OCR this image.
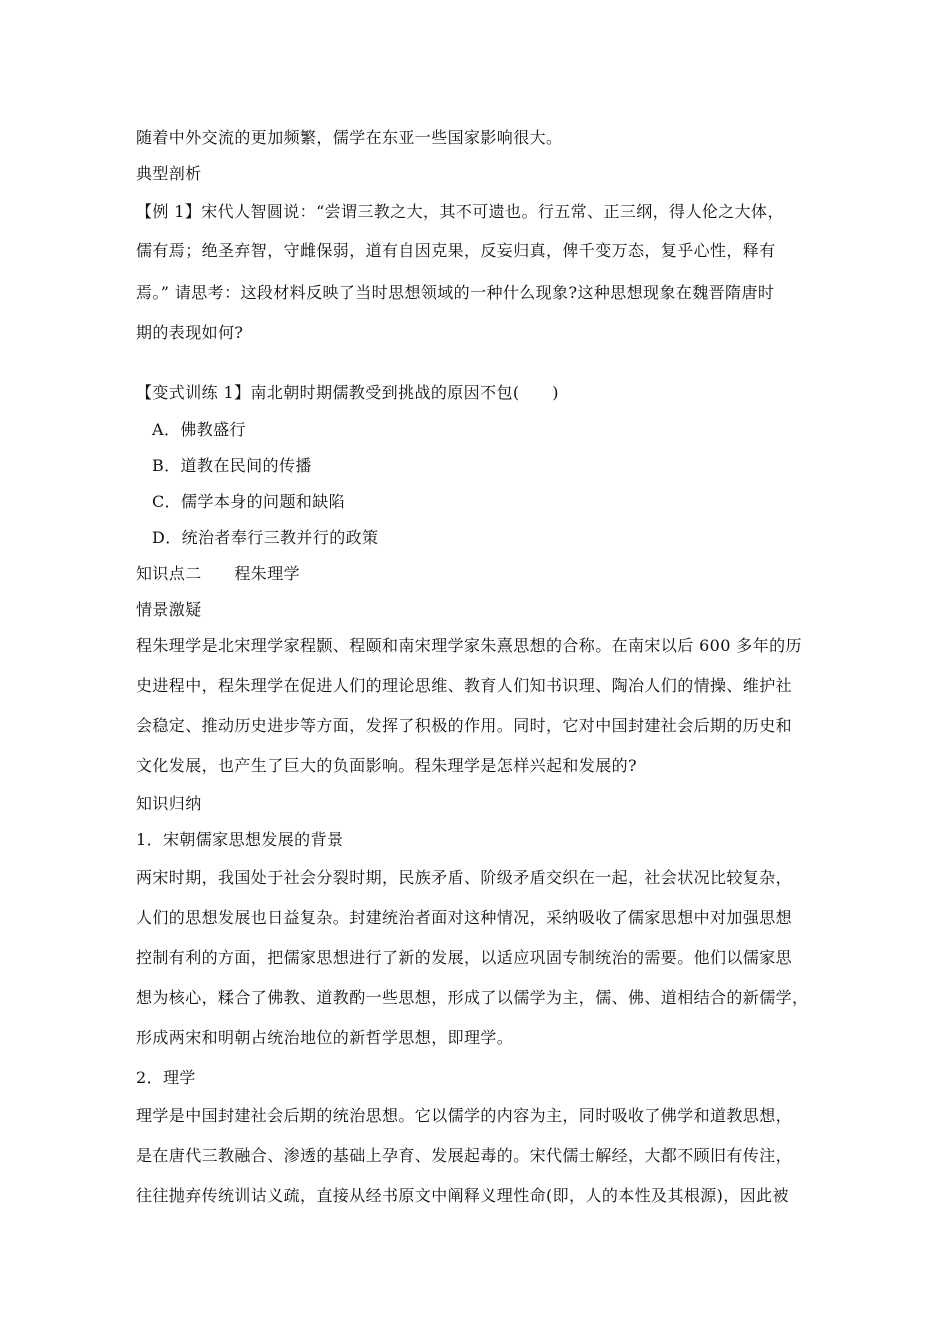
随着中外交流的更加频繁，儒学在东亚一些国家影响很大。
典型剖析
【例 1】宋代人智圆说：“尝谓三教之大，其不可遗也。行五常、正三纲，得人伦之大体，
儒有焉；绝圣弃智，守雌保弱，道有自因克果，反妄归真，俾千变万态，复乎心性，释有
焉。” 请思考：这段材料反映了当时思想领域的一种什么现象?这种思想现象在魏晋隋唐时
期的表现如何?
【变式训练 1】南北朝时期儒教受到挑战的原因不包(　　)
A．佛教盛行
B．道教在民间的传播
C．儒学本身的问题和缺陷
D．统治者奉行三教并行的政策
知识点二　　程朱理学
情景激疑
程朱理学是北宋理学家程颢、程颐和南宋理学家朱熹思想的合称。在南宋以后 600 多年的历
史进程中，程朱理学在促进人们的理论思维、教育人们知书识理、陶冶人们的情操、维护社
会稳定、推动历史进步等方面，发挥了积极的作用。同时，它对中国封建社会后期的历史和
文化发展，也产生了巨大的负面影响。程朱理学是怎样兴起和发展的?
知识归纳
1．宋朝儒家思想发展的背景
两宋时期，我国处于社会分裂时期，民族矛盾、阶级矛盾交织在一起，社会状况比较复杂，
人们的思想发展也日益复杂。封建统治者面对这种情况，采纳吸收了儒家思想中对加强思想
控制有利的方面，把儒家思想进行了新的发展，以适应巩固专制统治的需要。他们以儒家思
想为核心，糅合了佛教、道教酌一些思想，形成了以儒学为主，儒、佛、道相结合的新儒学，
形成两宋和明朝占统治地位的新哲学思想，即理学。
2．理学
理学是中国封建社会后期的统治思想。它以儒学的内容为主，同时吸收了佛学和道教思想，
是在唐代三教融合、渗透的基础上孕育、发展起毒的。宋代儒士解经，大都不顾旧有传注，
往往抛弃传统训诂义疏，直接从经书原文中阐释义理性命(即，人的本性及其根源)，因此被
